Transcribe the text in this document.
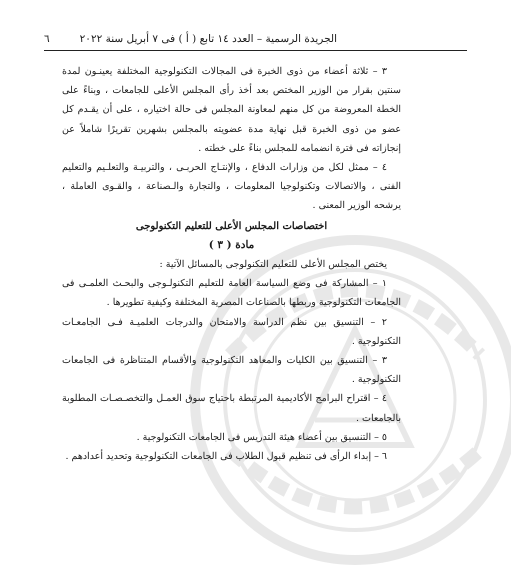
الجريدة الرسمية – العدد ١٤ تابع ( أ ) فى ٧ أبريل سنة ٢٠٢٢
٦

٣ – ثلاثة أعضاء من ذوى الخبرة فى المجالات التكنولوجية المختلفة يعينـون لمدة سنتين بقرار من الوزير المختص بعد أخذ رأى المجلس الأعلى للجامعات ، وبناءً على الخطة المعروضة من كل منهم لمعاونة المجلس فى حالة اختياره ، على أن يقـدم كل عضو من ذوى الخبرة قبل نهاية مدة عضويته بالمجلس بشهرين تقريرًا شاملاً عن إنجازاته فى فترة انضمامه للمجلس بناءً على خطته .

٤ – ممثل لكل من وزارات الدفاع ، والإنتـاج الحربـى ، والتربيـة والتعلـيم والتعليم الفنى ، والاتصالات وتكنولوجيا المعلومات ، والتجارة والـصناعة ، والقـوى العاملة ، يرشحه الوزير المعنى .

اختصاصات المجلس الأعلى للتعليم التكنولوجى

مادة ( ٣ )

يختص المجلس الأعلى للتعليم التكنولوجى بالمسائل الآتية :

١ – المشاركة فى وضع السياسة العامة للتعليم التكنولـوجى والبحـث العلمـى فى الجامعات التكنولوجية وربطها بالصناعات المصرية المختلفة وكيفية تطويرها .

٢ – التنسيق بين نظم الدراسة والامتحان والدرجات العلميـة فـى الجامعـات التكنولوجية .

٣ – التنسيق بين الكليات والمعاهد التكنولوجية والأقسام المتناظرة فى الجامعات التكنولوجية .

٤ – اقتراح البرامج الأكاديمية المرتبطة باحتياج سوق العمـل والتخصـصـات المطلوبة بالجامعات .

٥ – التنسيق بين أعضاء هيئة التدريس فى الجامعات التكنولوجية .

٦ – إبداء الرأى فى تنظيم قبول الطلاب فى الجامعات التكنولوجية وتحديد أعدادهم .
